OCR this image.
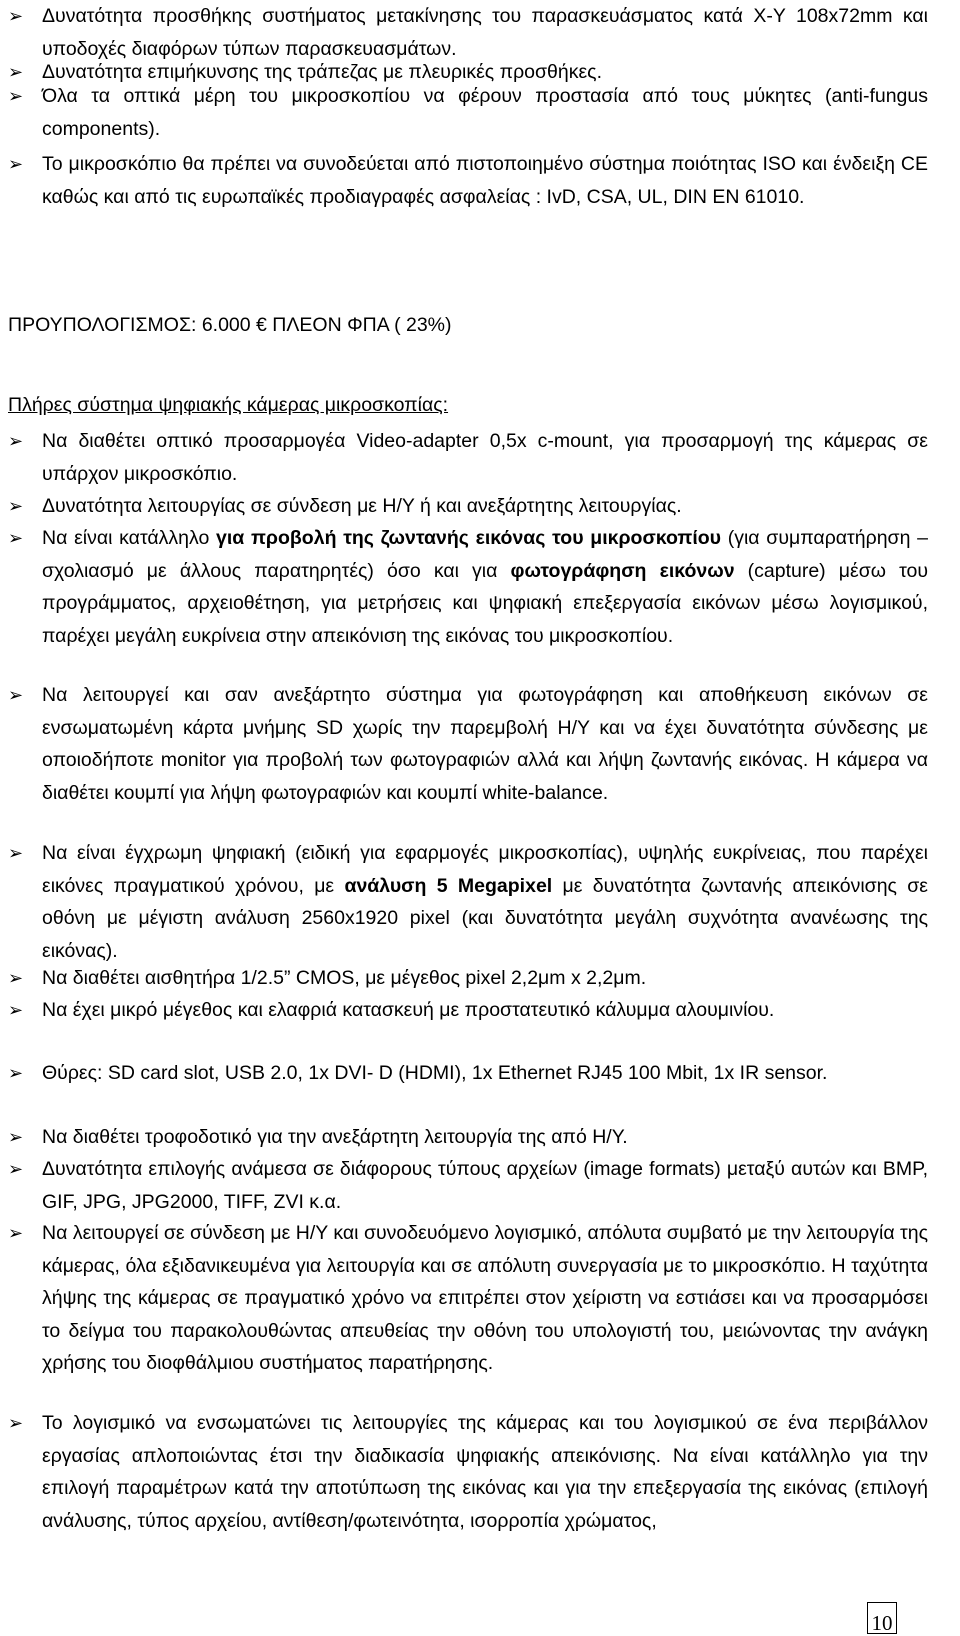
➢ Δυνατότητα προσθήκης συστήματος μετακίνησης του παρασκευάσματος κατά Χ-Υ 108x72mm και υποδοχές διαφόρων τύπων παρασκευασμάτων.
➢ Δυνατότητα επιμήκυνσης της τράπεζας με πλευρικές προσθήκες.
➢ Όλα τα οπτικά μέρη του μικροσκοπίου να φέρουν προστασία από τους μύκητες (anti-fungus components).
➢ Το μικροσκόπιο θα πρέπει να συνοδεύεται από πιστοποιημένο σύστημα ποιότητας ISO και ένδειξη CE καθώς και από τις ευρωπαϊκές προδιαγραφές ασφαλείας : IvD, CSA, UL, DIN EN 61010.
ΠΡΟΥΠΟΛΟΓΙΣΜΟΣ: 6.000 € ΠΛΕΟΝ ΦΠΑ ( 23%)
Πλήρες σύστημα ψηφιακής κάμερας μικροσκοπίας:
➢ Να διαθέτει οπτικό προσαρμογέα Video-adapter 0,5x c-mount, για προσαρμογή της κάμερας σε υπάρχον μικροσκόπιο.
➢ Δυνατότητα λειτουργίας σε σύνδεση με Η/Υ ή και ανεξάρτητης λειτουργίας.
➢ Να είναι κατάλληλο για προβολή της ζωντανής εικόνας του μικροσκοπίου (για συμπαρατήρηση – σχολιασμό με άλλους παρατηρητές) όσο και για φωτογράφηση εικόνων (capture) μέσω του προγράμματος, αρχειοθέτηση, για μετρήσεις και ψηφιακή επεξεργασία εικόνων μέσω λογισμικού, παρέχει μεγάλη ευκρίνεια στην απεικόνιση της εικόνας του μικροσκοπίου.
➢ Να λειτουργεί και σαν ανεξάρτητο σύστημα για φωτογράφηση και αποθήκευση εικόνων σε ενσωματωμένη κάρτα μνήμης SD χωρίς την παρεμβολή Η/Υ και να έχει δυνατότητα σύνδεσης με οποιοδήποτε monitor για προβολή των φωτογραφιών αλλά και λήψη ζωντανής εικόνας. Η κάμερα να διαθέτει κουμπί για λήψη φωτογραφιών και κουμπί white-balance.
➢ Να είναι έγχρωμη ψηφιακή (ειδική για εφαρμογές μικροσκοπίας), υψηλής ευκρίνειας, που παρέχει εικόνες πραγματικού χρόνου, με ανάλυση 5 Megapixel με δυνατότητα ζωντανής απεικόνισης σε οθόνη με μέγιστη ανάλυση 2560x1920 pixel (και δυνατότητα μεγάλη συχνότητα ανανέωσης της εικόνας).
➢ Να διαθέτει αισθητήρα 1/2.5” CMOS, με μέγεθος pixel 2,2μm x 2,2μm.
➢ Να έχει μικρό μέγεθος και ελαφριά κατασκευή με προστατευτικό κάλυμμα αλουμινίου.
➢ Θύρες: SD card slot, USB 2.0, 1x DVI- D (HDMI), 1x Ethernet RJ45 100 Mbit, 1x IR sensor.
➢ Να διαθέτει τροφοδοτικό για την ανεξάρτητη λειτουργία της από Η/Υ.
➢ Δυνατότητα επιλογής ανάμεσα σε διάφορους τύπους αρχείων (image formats) μεταξύ αυτών και BMP, GIF, JPG, JPG2000, TIFF, ZVI κ.α.
➢ Να λειτουργεί σε σύνδεση με Η/Υ και συνοδευόμενο λογισμικό, απόλυτα συμβατό με την λειτουργία της κάμερας, όλα εξιδανικευμένα για λειτουργία και σε απόλυτη συνεργασία με το μικροσκόπιο. Η ταχύτητα λήψης της κάμερας σε πραγματικό χρόνο να επιτρέπει στον χείριστη να εστιάσει και να προσαρμόσει το δείγμα του παρακολουθώντας απευθείας την οθόνη του υπολογιστή του, μειώνοντας την ανάγκη χρήσης του διοφθάλμιου συστήματος παρατήρησης.
➢ Το λογισμικό να ενσωματώνει τις λειτουργίες της κάμερας και του λογισμικού σε ένα περιβάλλον εργασίας απλοποιώντας έτσι την διαδικασία ψηφιακής απεικόνισης. Να είναι κατάλληλο για την επιλογή παραμέτρων κατά την αποτύπωση της εικόνας και για την επεξεργασία της εικόνας (επιλογή ανάλυσης, τύπος αρχείου, αντίθεση/φωτεινότητα, ισορροπία χρώματος,
10
